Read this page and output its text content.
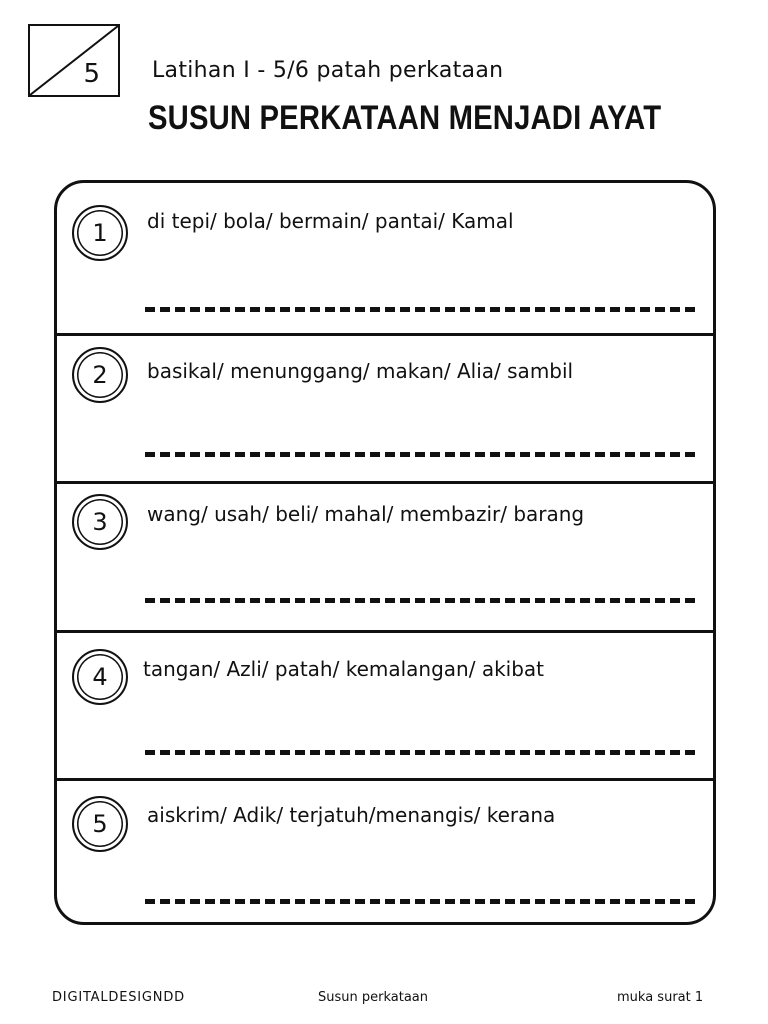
5 Latihan I - 5/6 patah perkataan
SUSUN PERKATAAN MENJADI AYAT
1	di tepi/ bola/ bermain/ pantai/ Kamal
2	basikal/ menunggang/ makan/ Alia/ sambil
3	wang/ usah/ beli/ mahal/ membazir/ barang
4	tangan/ Azli/ patah/ kemalangan/ akibat
5	aiskrim/ Adik/ terjatuh/menangis/ kerana
DIGITALDESIGNDD	Susun perkataan	muka surat 1
